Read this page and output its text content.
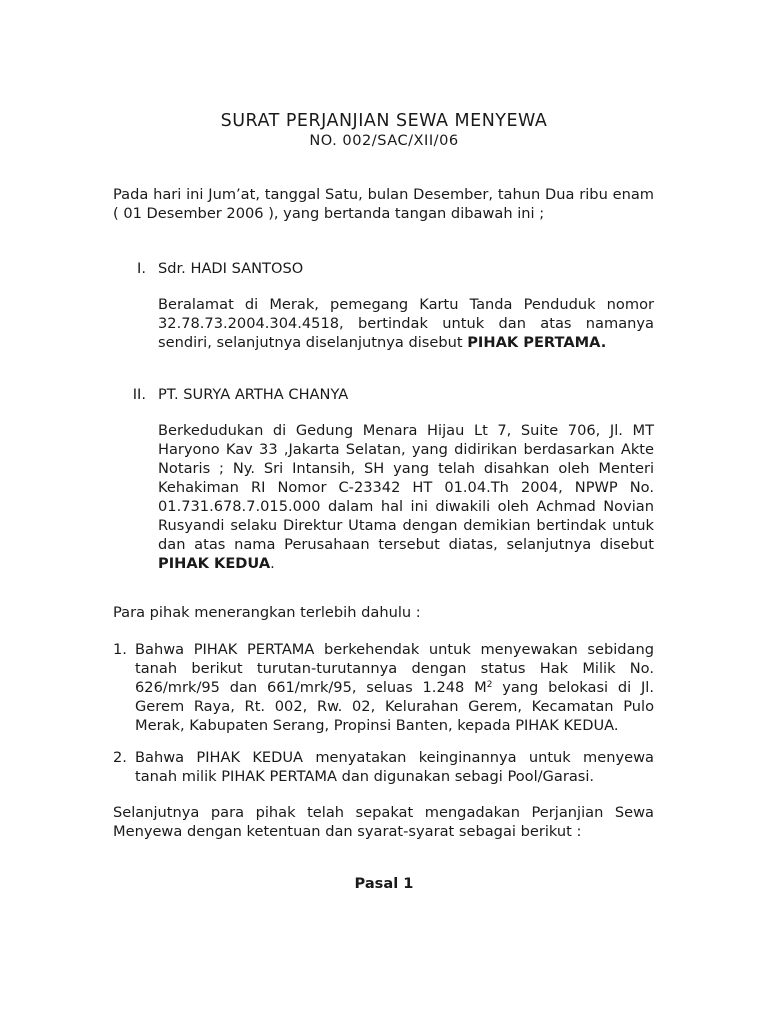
SURAT PERJANJIAN SEWA MENYEWA
NO. 002/SAC/XII/06

Pada hari ini Jum’at, tanggal Satu, bulan Desember, tahun Dua ribu enam ( 01 Desember 2006 ), yang bertanda tangan dibawah ini ;

I. Sdr. HADI SANTOSO

Beralamat di Merak, pemegang Kartu Tanda Penduduk nomor 32.78.73.2004.304.4518, bertindak untuk dan atas namanya sendiri, selanjutnya diselanjutnya disebut PIHAK PERTAMA.

II. PT. SURYA ARTHA CHANYA

Berkedudukan di Gedung Menara Hijau Lt 7, Suite 706, Jl. MT Haryono Kav 33 ,Jakarta Selatan, yang didirikan berdasarkan Akte Notaris ; Ny. Sri Intansih, SH yang telah disahkan oleh Menteri Kehakiman RI Nomor C-23342 HT 01.04.Th 2004, NPWP No. 01.731.678.7.015.000 dalam hal ini diwakili oleh Achmad Novian Rusyandi selaku Direktur Utama dengan demikian bertindak untuk dan atas nama Perusahaan tersebut diatas, selanjutnya disebut PIHAK KEDUA.

Para pihak menerangkan terlebih dahulu :

1. Bahwa PIHAK PERTAMA berkehendak untuk menyewakan sebidang tanah berikut turutan-turutannya dengan status Hak Milik No. 626/mrk/95 dan 661/mrk/95, seluas 1.248 $M^2$ yang belokasi di Jl. Gerem Raya, Rt. 002, Rw. 02, Kelurahan Gerem, Kecamatan Pulo Merak, Kabupaten Serang, Propinsi Banten, kepada PIHAK KEDUA.

2. Bahwa PIHAK KEDUA menyatakan keinginannya untuk menyewa tanah milik PIHAK PERTAMA dan digunakan sebagi Pool/Garasi.

Selanjutnya para pihak telah sepakat mengadakan Perjanjian Sewa Menyewa dengan ketentuan dan syarat-syarat sebagai berikut :

Pasal 1
